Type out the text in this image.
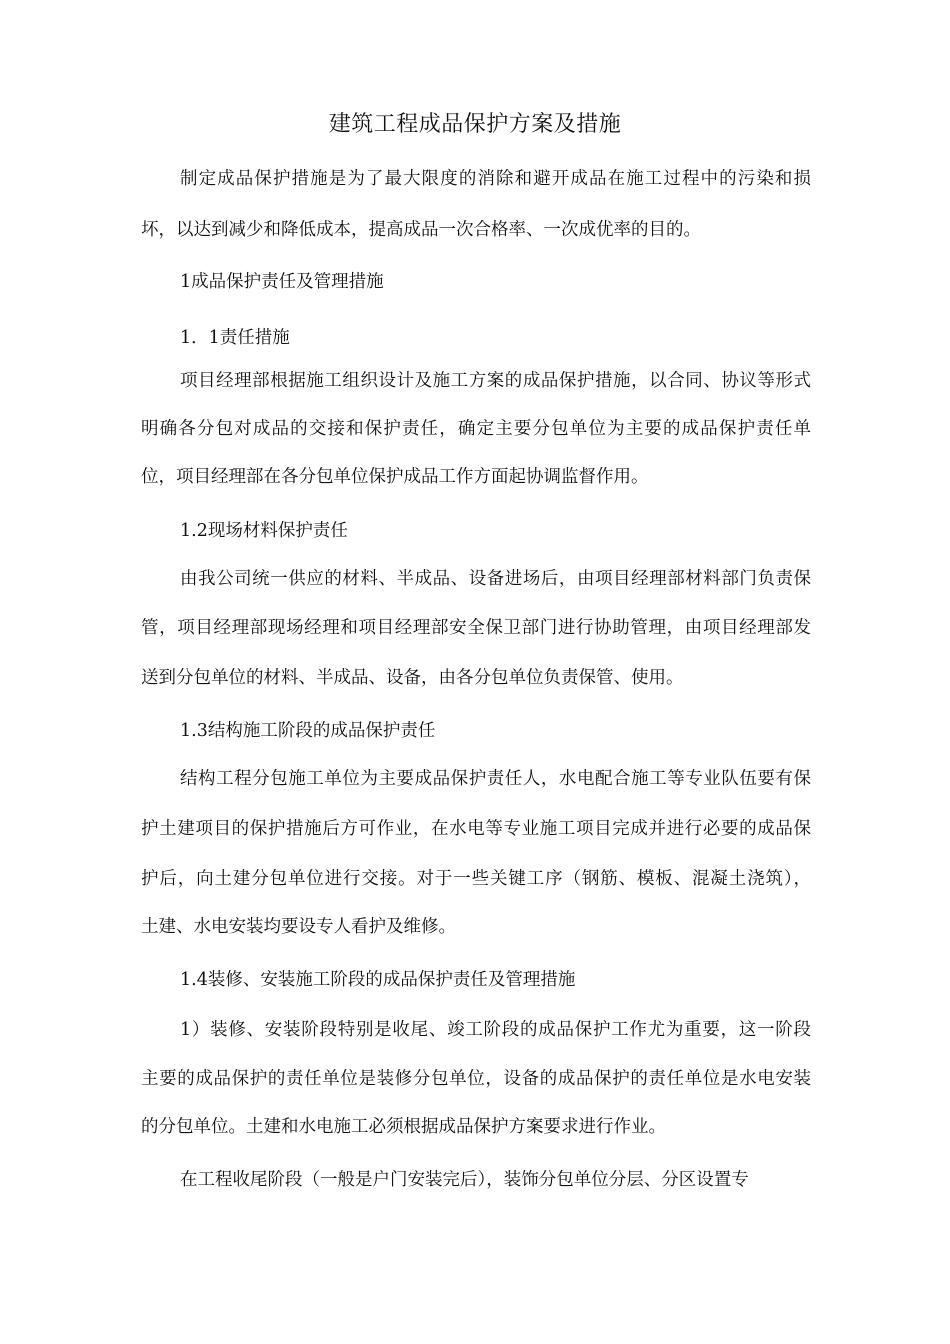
建筑工程成品保护方案及措施
制定成品保护措施是为了最大限度的消除和避开成品在施工过程中的污染和损
坏，以达到减少和降低成本，提高成品一次合格率、一次成优率的目的。
1成品保护责任及管理措施
1．1责任措施
项目经理部根据施工组织设计及施工方案的成品保护措施，以合同、协议等形式
明确各分包对成品的交接和保护责任，确定主要分包单位为主要的成品保护责任单
位，项目经理部在各分包单位保护成品工作方面起协调监督作用。
1.2现场材料保护责任
由我公司统一供应的材料、半成品、设备进场后，由项目经理部材料部门负责保
管，项目经理部现场经理和项目经理部安全保卫部门进行协助管理，由项目经理部发
送到分包单位的材料、半成品、设备，由各分包单位负责保管、使用。
1.3结构施工阶段的成品保护责任
结构工程分包施工单位为主要成品保护责任人，水电配合施工等专业队伍要有保
护土建项目的保护措施后方可作业，在水电等专业施工项目完成并进行必要的成品保
护后，向土建分包单位进行交接。对于一些关键工序（钢筋、模板、混凝土浇筑），
土建、水电安装均要设专人看护及维修。
1.4装修、安装施工阶段的成品保护责任及管理措施
1）装修、安装阶段特别是收尾、竣工阶段的成品保护工作尤为重要，这一阶段
主要的成品保护的责任单位是装修分包单位，设备的成品保护的责任单位是水电安装
的分包单位。土建和水电施工必须根据成品保护方案要求进行作业。
在工程收尾阶段（一般是户门安装完后），装饰分包单位分层、分区设置专
